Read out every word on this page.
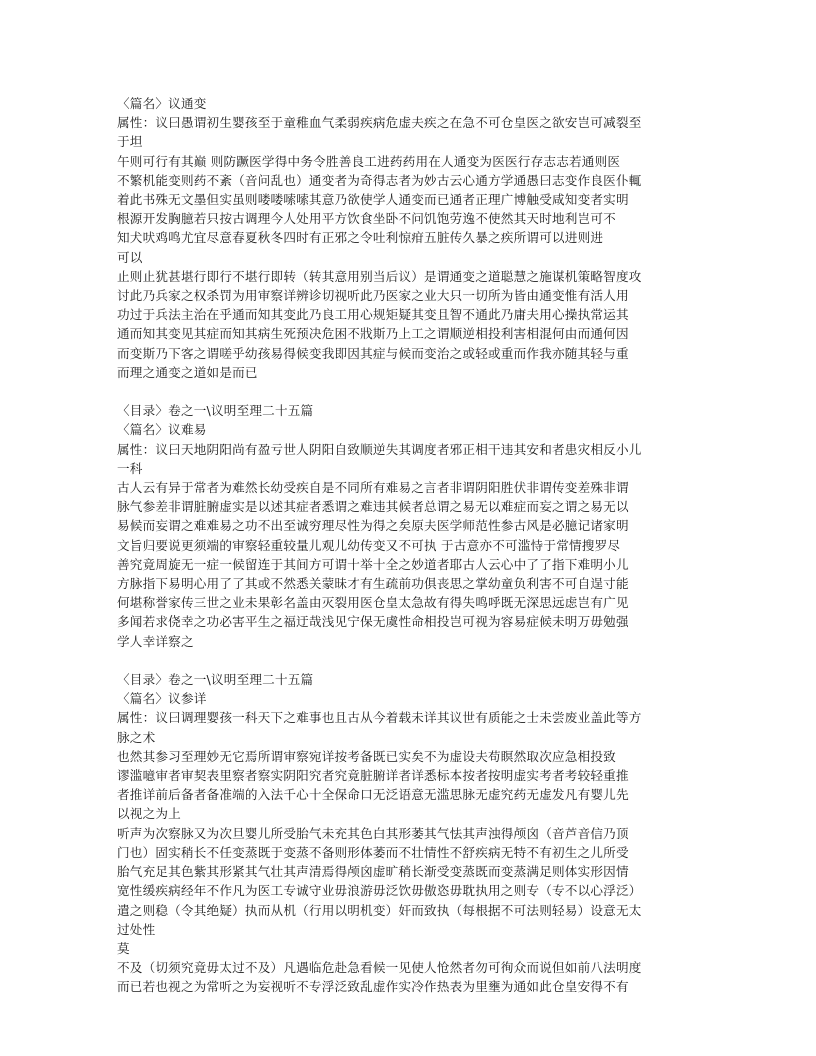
〈篇名〉议通变

属性：议曰愚谓初生婴孩至于童稚血气柔弱疾病危虚夫疾之在急不可仓皇医之欲安岂可减裂至

于坦

午则可行有其巅 则防蹶医学得中务令胜善良工进药药用在人通变为医医行存志志若通则医

不繁机能变则药不紊（音问乱也）通变者为奇得志者为妙古云心通方学通愚曰志变作良医仆輒

着此书殊无文墨但实虽则喽喽嗦嗦其意乃欲使学人通变而已通者正理广博触受咸知变者实明

根源开发胸臆若只按古调理今人处用平方饮食坐卧不问饥饱劳逸不使然其天时地利岂可不

知犬吠鸡鸣尤宜尽意春夏秋冬四时有正邪之令吐利惊疳五脏传久暴之疾所谓可以进则进

可以

止则止犹甚堪行即行不堪行即转（转其意用别当后议）是谓通变之道聪慧之施谋机策略智度攻

讨此乃兵家之权杀罚为用审察详辨诊切视听此乃医家之业大只一切所为皆由通变惟有活人用

功过于兵法主治在乎通而知其变此乃良工用心规矩疑其变且智不通此乃庸夫用心操执常运其

通而知其变见其症而知其病生死预决危困不戕斯乃上工之谓顺逆相投利害相混何由而通何因

而变斯乃下客之谓嗟乎幼孩易得候变我即因其症与候而变治之或轻或重而作我亦随其轻与重

而理之通变之道如是而已

〈目录〉卷之一\议明至理二十五篇

〈篇名〉议难易

属性：议曰天地阴阳尚有盈亏世人阴阳自致顺逆失其调度者邪正相干违其安和者患灾相反小儿

一科

古人云有异于常者为难然长幼受疾自是不同所有难易之言者非谓阴阳胜伏非谓传变差殊非谓

脉气参差非谓脏腑虚实是以述其症者悉谓之难违其候者总谓之易无以难症而妄之谓之易无以

易候而妄谓之难难易之功不出至诚穷理尽性为得之矣原夫医学师范性参古风是必臆记诸家明

文旨归要说更须端的审察轻重较量儿观儿幼传变又不可执 于古意亦不可滥恃于常情搜罗尽

善究竟周旋无一症一候留连于其间方可谓十举十全之妙道者耶古人云心中了了指下难明小儿

方脉指下易明心用了了其或不然悉关蒙昧才有生疏前功俱丧思之掌幼童负利害不可自逞寸能

何堪称誉家传三世之业未果彰名盖由灭裂用医仓皇太急故有得失鸣呼既无深思远虑岂有广见

多闻若求侥幸之功必害平生之福迂哉浅见宁保无虞性命相投岂可视为容易症候未明万毋勉强

学人幸详察之

〈目录〉卷之一\议明至理二十五篇

〈篇名〉议参详

属性：议曰调理婴孩一科天下之难事也且古从今着载未详其议世有质能之士未尝废业盖此等方

脉之术

也然其参习至理妙无它焉所谓审察宛详按考备既已实矣不为虚设夫苟瞑然取次应急相投致

谬滥噫审者审契表里察者察实阴阳究者究竟脏腑详者详悉标本按者按明虚实考者考较轻重推

者推详前后备者备准端的入法千心十全保命口无泛语意无滥思脉无虚究药无虚发凡有婴儿先

以视之为上

听声为次察脉又为次旦婴儿所受胎气未充其色白其形萎其气怯其声浊得颅囟（音芦音信乃顶

门也）固实稍长不任变蒸既于变蒸不备则形体萎而不壮情性不舒疾病无特不有初生之儿所受

胎气充足其色紫其形紧其气壮其声清焉得颅囟虚旷稍长渐受变蒸既而变蒸满足则体实形因情

宽性缓疾病经年不作凡为医工专诚守业毋浪游毋泛饮毋傲恣毋耽执用之则专（专不以心浮泛）

遣之则稳（令其绝疑）执而从机（行用以明机变）奸而致执（每根据不可法则轻易）设意无太

过处性

莫

不及（切须究竟毋太过不及）凡遇临危赴急看候一见使人怆然者勿可徇众而说但如前八法明度

而已若也视之为常听之为妄视听不专浮泛致乱虚作实冷作热表为里壅为通如此仓皇安得不有
